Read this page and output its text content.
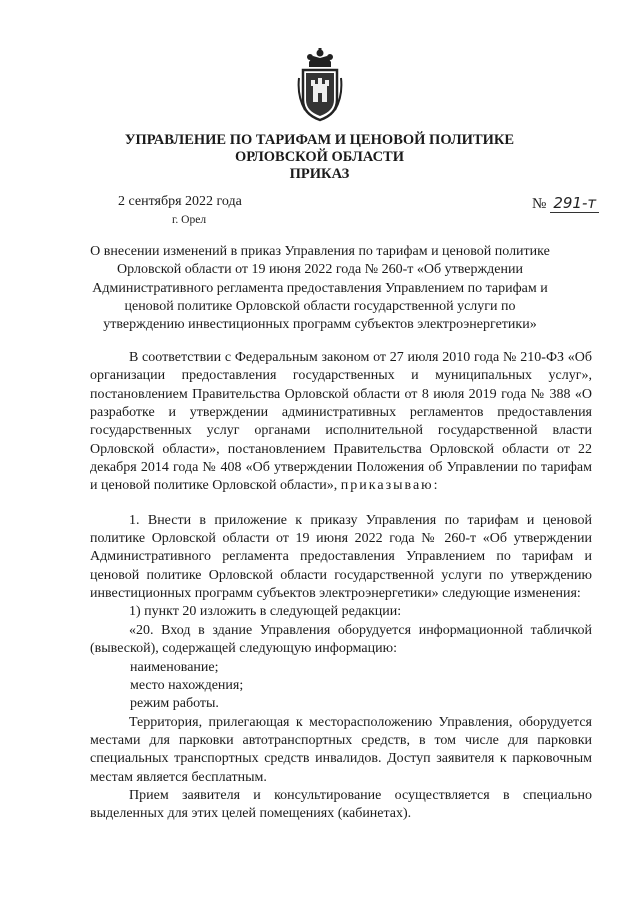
УПРАВЛЕНИЕ ПО ТАРИФАМ И ЦЕНОВОЙ ПОЛИТИКЕ
ОРЛОВСКОЙ ОБЛАСТИ
ПРИКАЗ
2 сентября 2022 года
г. Орел
№ 291-т
О внесении изменений в приказ Управления по тарифам и ценовой политике
Орловской области от 19 июня 2022 года № 260-т «Об утверждении
Административного регламента предоставления Управлением по тарифам и
ценовой политике Орловской области государственной услуги по
утверждению инвестиционных программ субъектов электроэнергетики»

В соответствии с Федеральным законом от 27 июля 2010 года № 210-ФЗ «Об организации предоставления государственных и муниципальных услуг», постановлением Правительства Орловской области от 8 июля 2019 года № 388 «О разработке и утверждении административных регламентов предоставления государственных услуг органами исполнительной государственной власти Орловской области», постановлением Правительства Орловской области от 22 декабря 2014 года № 408 «Об утверждении Положения об Управлении по тарифам и ценовой политике Орловской области», приказываю:

1. Внести в приложение к приказу Управления по тарифам и ценовой политике Орловской области от 19 июня 2022 года № 260-т «Об утверждении Административного регламента предоставления Управлением по тарифам и ценовой политике Орловской области государственной услуги по утверждению инвестиционных программ субъектов электроэнергетики» следующие изменения:

1) пункт 20 изложить в следующей редакции:

«20. Вход в здание Управления оборудуется информационной табличкой (вывеской), содержащей следующую информацию:

наименование;

место нахождения;

режим работы.

Территория, прилегающая к месторасположению Управления, оборудуется местами для парковки автотранспортных средств, в том числе для парковки специальных транспортных средств инвалидов. Доступ заявителя к парковочным местам является бесплатным.

Прием заявителя и консультирование осуществляется в специально выделенных для этих целей помещениях (кабинетах).
